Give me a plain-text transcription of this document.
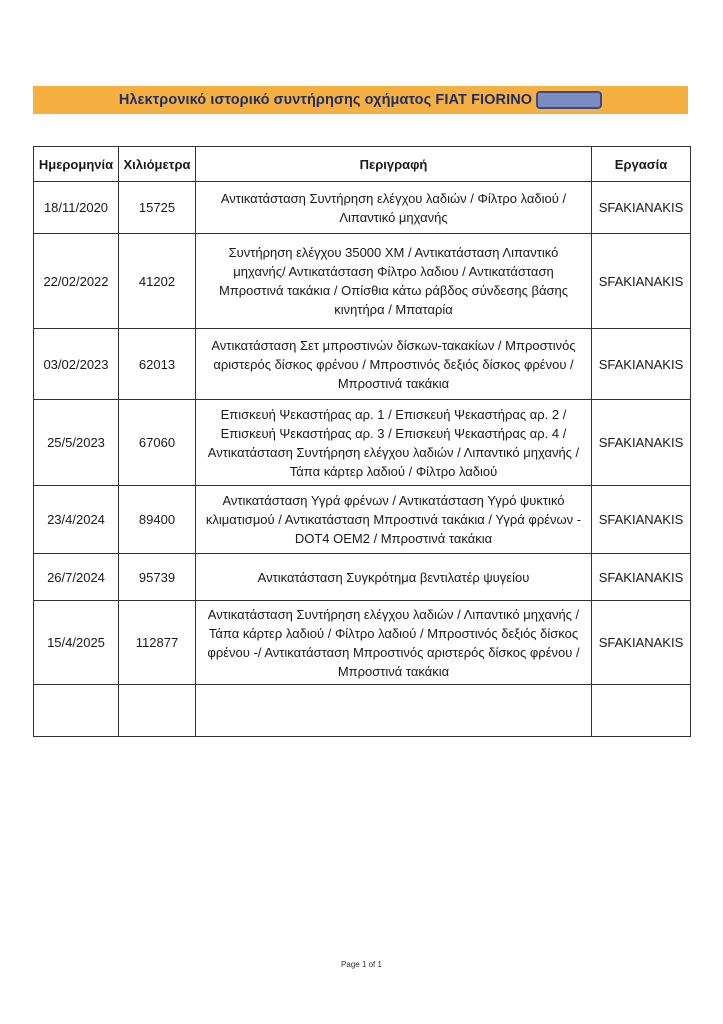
Ηλεκτρονικό ιστορικό συντήρησης οχήματος FIAT FIORINO
Ημερομηνία	Χιλιόμετρα	Περιγραφή	Εργασία
18/11/2020	15725	Αντικατάσταση Συντήρηση ελέγχου λαδιών / Φίλτρο λαδιού / Λιπαντικό μηχανής	SFAKIANAKIS
22/02/2022	41202	Συντήρηση ελέγχου 35000 ΧΜ / Αντικατάσταση Λιπαντικό μηχανής/ Αντικατάσταση Φίλτρο λαδιου / Αντικατάσταση Μπροστινά τακάκια / Οπίσθια κάτω ράβδος σύνδεσης βάσης κινητήρα / Μπαταρία	SFAKIANAKIS
03/02/2023	62013	Αντικατάσταση Σετ μπροστινών δίσκων-τακακίων / Μπροστινός αριστερός δίσκος φρένου / Μπροστινός δεξιός δίσκος φρένου / Μπροστινά τακάκια	SFAKIANAKIS
25/5/2023	67060	Επισκευή Ψεκαστήρας αρ. 1 / Επισκευή Ψεκαστήρας αρ. 2 / Επισκευή Ψεκαστήρας αρ. 3 / Επισκευή Ψεκαστήρας αρ. 4 / Αντικατάσταση Συντήρηση ελέγχου λαδιών / Λιπαντικό μηχανής / Τάπα κάρτερ λαδιού / Φίλτρο λαδιού	SFAKIANAKIS
23/4/2024	89400	Αντικατάσταση Υγρά φρένων / Αντικατάσταση Υγρό ψυκτικό κλιματισμού / Αντικατάσταση Μπροστινά τακάκια / Υγρά φρένων - DOT4 OEM2 / Μπροστινά τακάκια	SFAKIANAKIS
26/7/2024	95739	Αντικατάσταση Συγκρότημα βεντιλατέρ ψυγείου	SFAKIANAKIS
15/4/2025	112877	Αντικατάσταση Συντήρηση ελέγχου λαδιών / Λιπαντικό μηχανής / Τάπα κάρτερ λαδιού / Φίλτρο λαδιού / Μπροστινός δεξιός δίσκος φρένου -/ Αντικατάσταση Μπροστινός αριστερός δίσκος φρένου / Μπροστινά τακάκια	SFAKIANAKIS

Page 1 of 1
